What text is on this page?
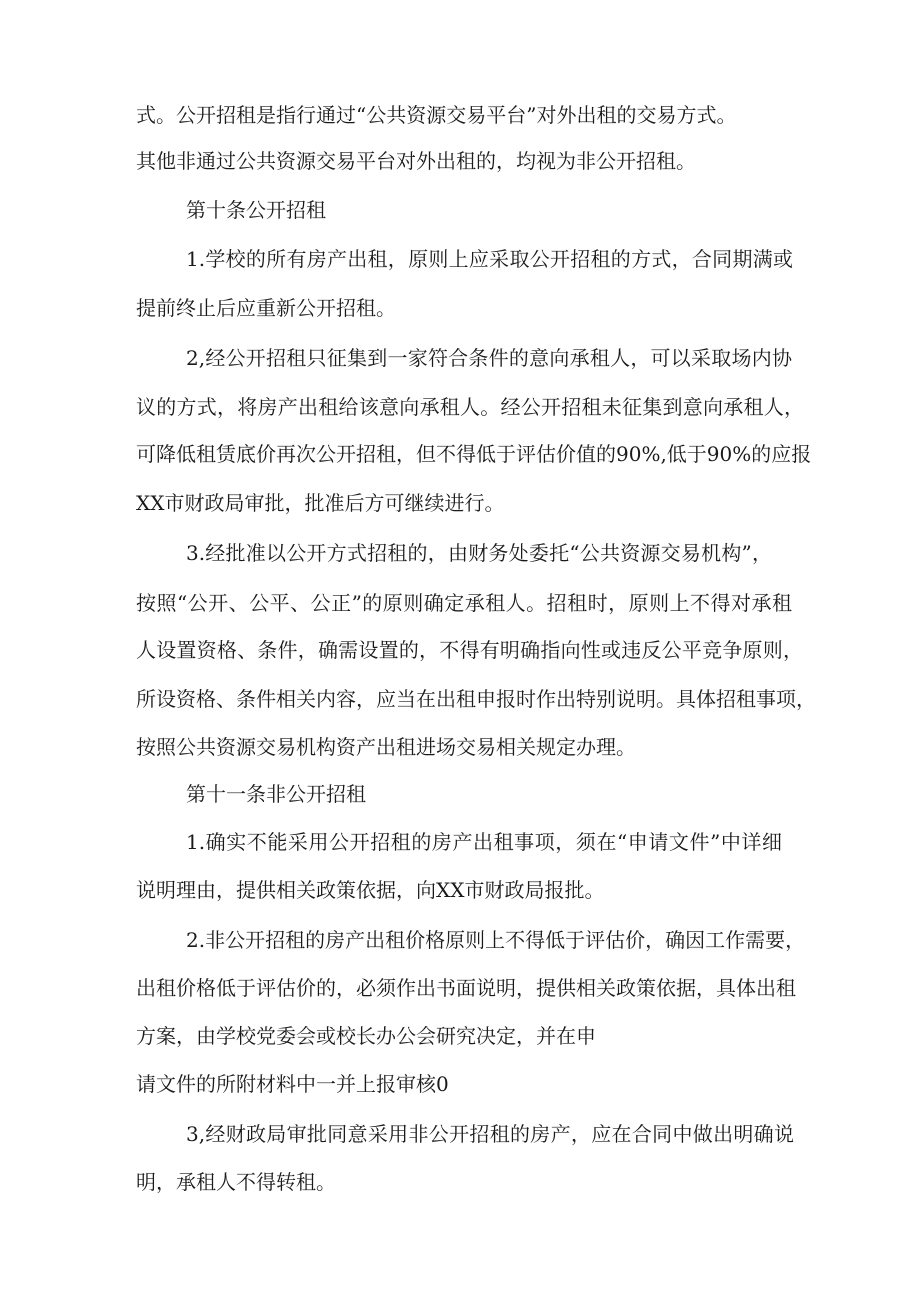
式。公开招租是指行通过“公共资源交易平台”对外出租的交易方式。
其他非通过公共资源交易平台对外出租的，均视为非公开招租。
第十条公开招租
1.学校的所有房产出租，原则上应采取公开招租的方式，合同期满或
提前终止后应重新公开招租。
2,经公开招租只征集到一家符合条件的意向承租人，可以采取场内协
议的方式，将房产出租给该意向承租人。经公开招租未征集到意向承租人，
可降低租赁底价再次公开招租，但不得低于评估价值的90%,低于90%的应报
XX市财政局审批，批准后方可继续进行。
3.经批准以公开方式招租的，由财务处委托“公共资源交易机构”，
按照“公开、公平、公正”的原则确定承租人。招租时，原则上不得对承租
人设置资格、条件，确需设置的，不得有明确指向性或违反公平竞争原则，
所设资格、条件相关内容，应当在出租申报时作出特别说明。具体招租事项，
按照公共资源交易机构资产出租进场交易相关规定办理。
第十一条非公开招租
1.确实不能采用公开招租的房产出租事项，须在“申请文件”中详细
说明理由，提供相关政策依据，向XX市财政局报批。
2.非公开招租的房产出租价格原则上不得低于评估价，确因工作需要，
出租价格低于评估价的，必须作出书面说明，提供相关政策依据，具体出租
方案，由学校党委会或校长办公会研究决定，并在申
请文件的所附材料中一并上报审核0
3,经财政局审批同意采用非公开招租的房产，应在合同中做出明确说
明，承租人不得转租。
